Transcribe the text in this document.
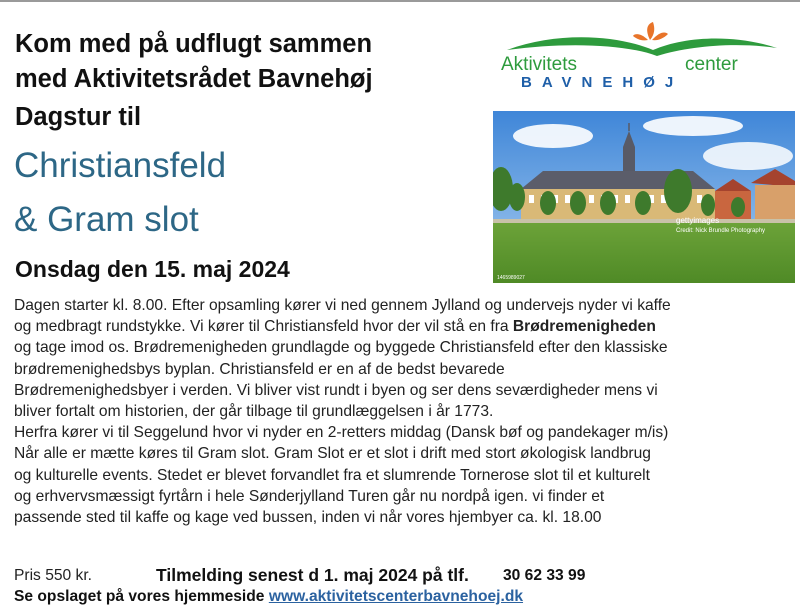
Kom med på udflugt sammen
med Aktivitetsrådet Bavnehøj
Dagstur til
Christiansfeld
& Gram slot
Onsdag den 15. maj 2024
Aktivitets	center
BAVNEHØJ
gettyimages
Credit: Nick Brundle Photography
1465989027
Dagen starter kl. 8.00. Efter opsamling kører vi ned gennem Jylland og undervejs nyder vi kaffe
og medbragt rundstykke. Vi kører til Christiansfeld hvor der vil stå en fra Brødremenigheden
og tage imod os. Brødremenigheden grundlagde og byggede Christiansfeld efter den klassiske
brødremenighedsbys byplan. Christiansfeld er en af de bedst bevarede
Brødremenighedsbyer i verden. Vi bliver vist rundt i byen og ser dens seværdigheder mens vi
bliver fortalt om historien, der går tilbage til grundlæggelsen i år 1773.
Herfra kører vi til Seggelund hvor vi nyder en 2-retters middag (Dansk bøf og pandekager m/is)
Når alle er mætte køres til Gram slot. Gram Slot er et slot i drift med stort økologisk landbrug
og kulturelle events. Stedet er blevet forvandlet fra et slumrende Tornerose slot til et kulturelt
og erhvervsmæssigt fyrtårn i hele Sønderjylland Turen går nu nordpå igen. vi finder et
passende sted til kaffe og kage ved bussen, inden vi når vores hjembyer ca. kl. 18.00
Pris 550 kr.	Tilmelding senest d 1. maj 2024 på tlf. 30 62 33 99
Se opslaget på vores hjemmeside www.aktivitetscenterbavnehoej.dk
